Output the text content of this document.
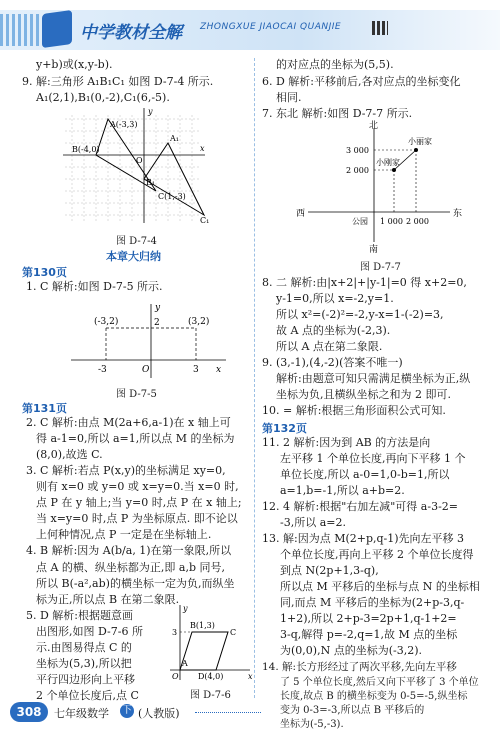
中学教材全解 ZHONGXUE JIAOCAI QUANJIE
y+b)或(x,y-b).
9. 解:三角形 A₁B₁C₁ 如图 D-7-4 所示.
A₁(2,1),B₁(0,-2),C₁(6,-5).
A(-3,3)
B(-4,0)
C(1,-3)
A₁
B₁
C₁
O
x
y
图 D-7-4
本章大归纳
第130页
1. C 解析:如图 D-7-5 所示.
(-3,2)	(3,2)
2
-3	O	3 x
y
图 D-7-5
第131页
2. C 解析:由点 M(2a+6,a-1)在 x 轴上可
得 a-1=0,所以 a=1,所以点 M 的坐标为
(8,0),故选 C.
3. C 解析:若点 P(x,y)的坐标满足 xy=0,
则有 x=0 或 y=0 或 x=y=0.当 x=0 时,
点 P 在 y 轴上;当 y=0 时,点 P 在 x 轴上;
当 x=y=0 时,点 P 为坐标原点. 即不论以
上何种情况,点 P 一定是在坐标轴上.
4. B 解析:因为 A(b/a, 1)在第一象限,所以
点 A 的横、纵坐标都为正,即 a,b 同号,
所以 B(-a²,ab)的横坐标一定为负,而纵坐
标为正,所以点 B 在第二象限.
5. D 解析:根据题意画
出图形,如图 D-7-6 所
示.由图易得点 C 的
坐标为(5,3),所以把
平行四边形向上平移
2 个单位长度后,点 C
B(1,3)
C
3
A
O D(4,0)	x
y
图 D-7-6
的对应点的坐标为(5,5).
6. D 解析:平移前后,各对应点的坐标变化
相同.
7. 东北 解析:如图 D-7-7 所示.
北
南
西	东
公园
小丽家
小刚家
3 000
2 000
1 000 2 000
图 D-7-7
8. 二 解析:由|x+2|+|y-1|=0 得 x+2=0,
y-1=0,所以 x=-2,y=1.
所以 x²=(-2)²=-2,y-x=1-(-2)=3,
故 A 点的坐标为(-2,3).
所以 A 点在第二象限.
9. (3,-1),(4,-2)(答案不唯一)
解析:由题意可知只需满足横坐标为正,纵
坐标为负,且横纵坐标之和为 2 即可.
10. = 解析:根据三角形面积公式可知.
第132页
11. 2 解析:因为到 AB 的方法是向
左平移 1 个单位长度,再向下平移 1 个
单位长度,所以 a-0=1,0-b=1,所以
a=1,b=-1,所以 a+b=2.
12. 4 解析:根据"右加左减"可得 a-3-2=
-3,所以 a=2.
13. 解:因为点 M(2+p,q-1)先向左平移 3
个单位长度,再向上平移 2 个单位长度得
到点 N(2p+1,3-q),
所以点 M 平移后的坐标与点 N 的坐标相
同,而点 M 平移后的坐标为(2+p-3,q-
1+2),所以 2+p-3=2p+1,q-1+2=
3-q,解得 p=-2,q=1,故 M 点的坐标
为(0,0),N 点的坐标为(-3,2).
14. 解:长方形经过了两次平移,先向左平移
了 5 个单位长度,然后又向下平移了 3 个单位
长度,故点 B 的横坐标变为 0-5=-5,纵坐标
变为 0-3=-3,所以点 B 平移后的
坐标为(-5,-3).
308	七年级数学 下 (人教版)
